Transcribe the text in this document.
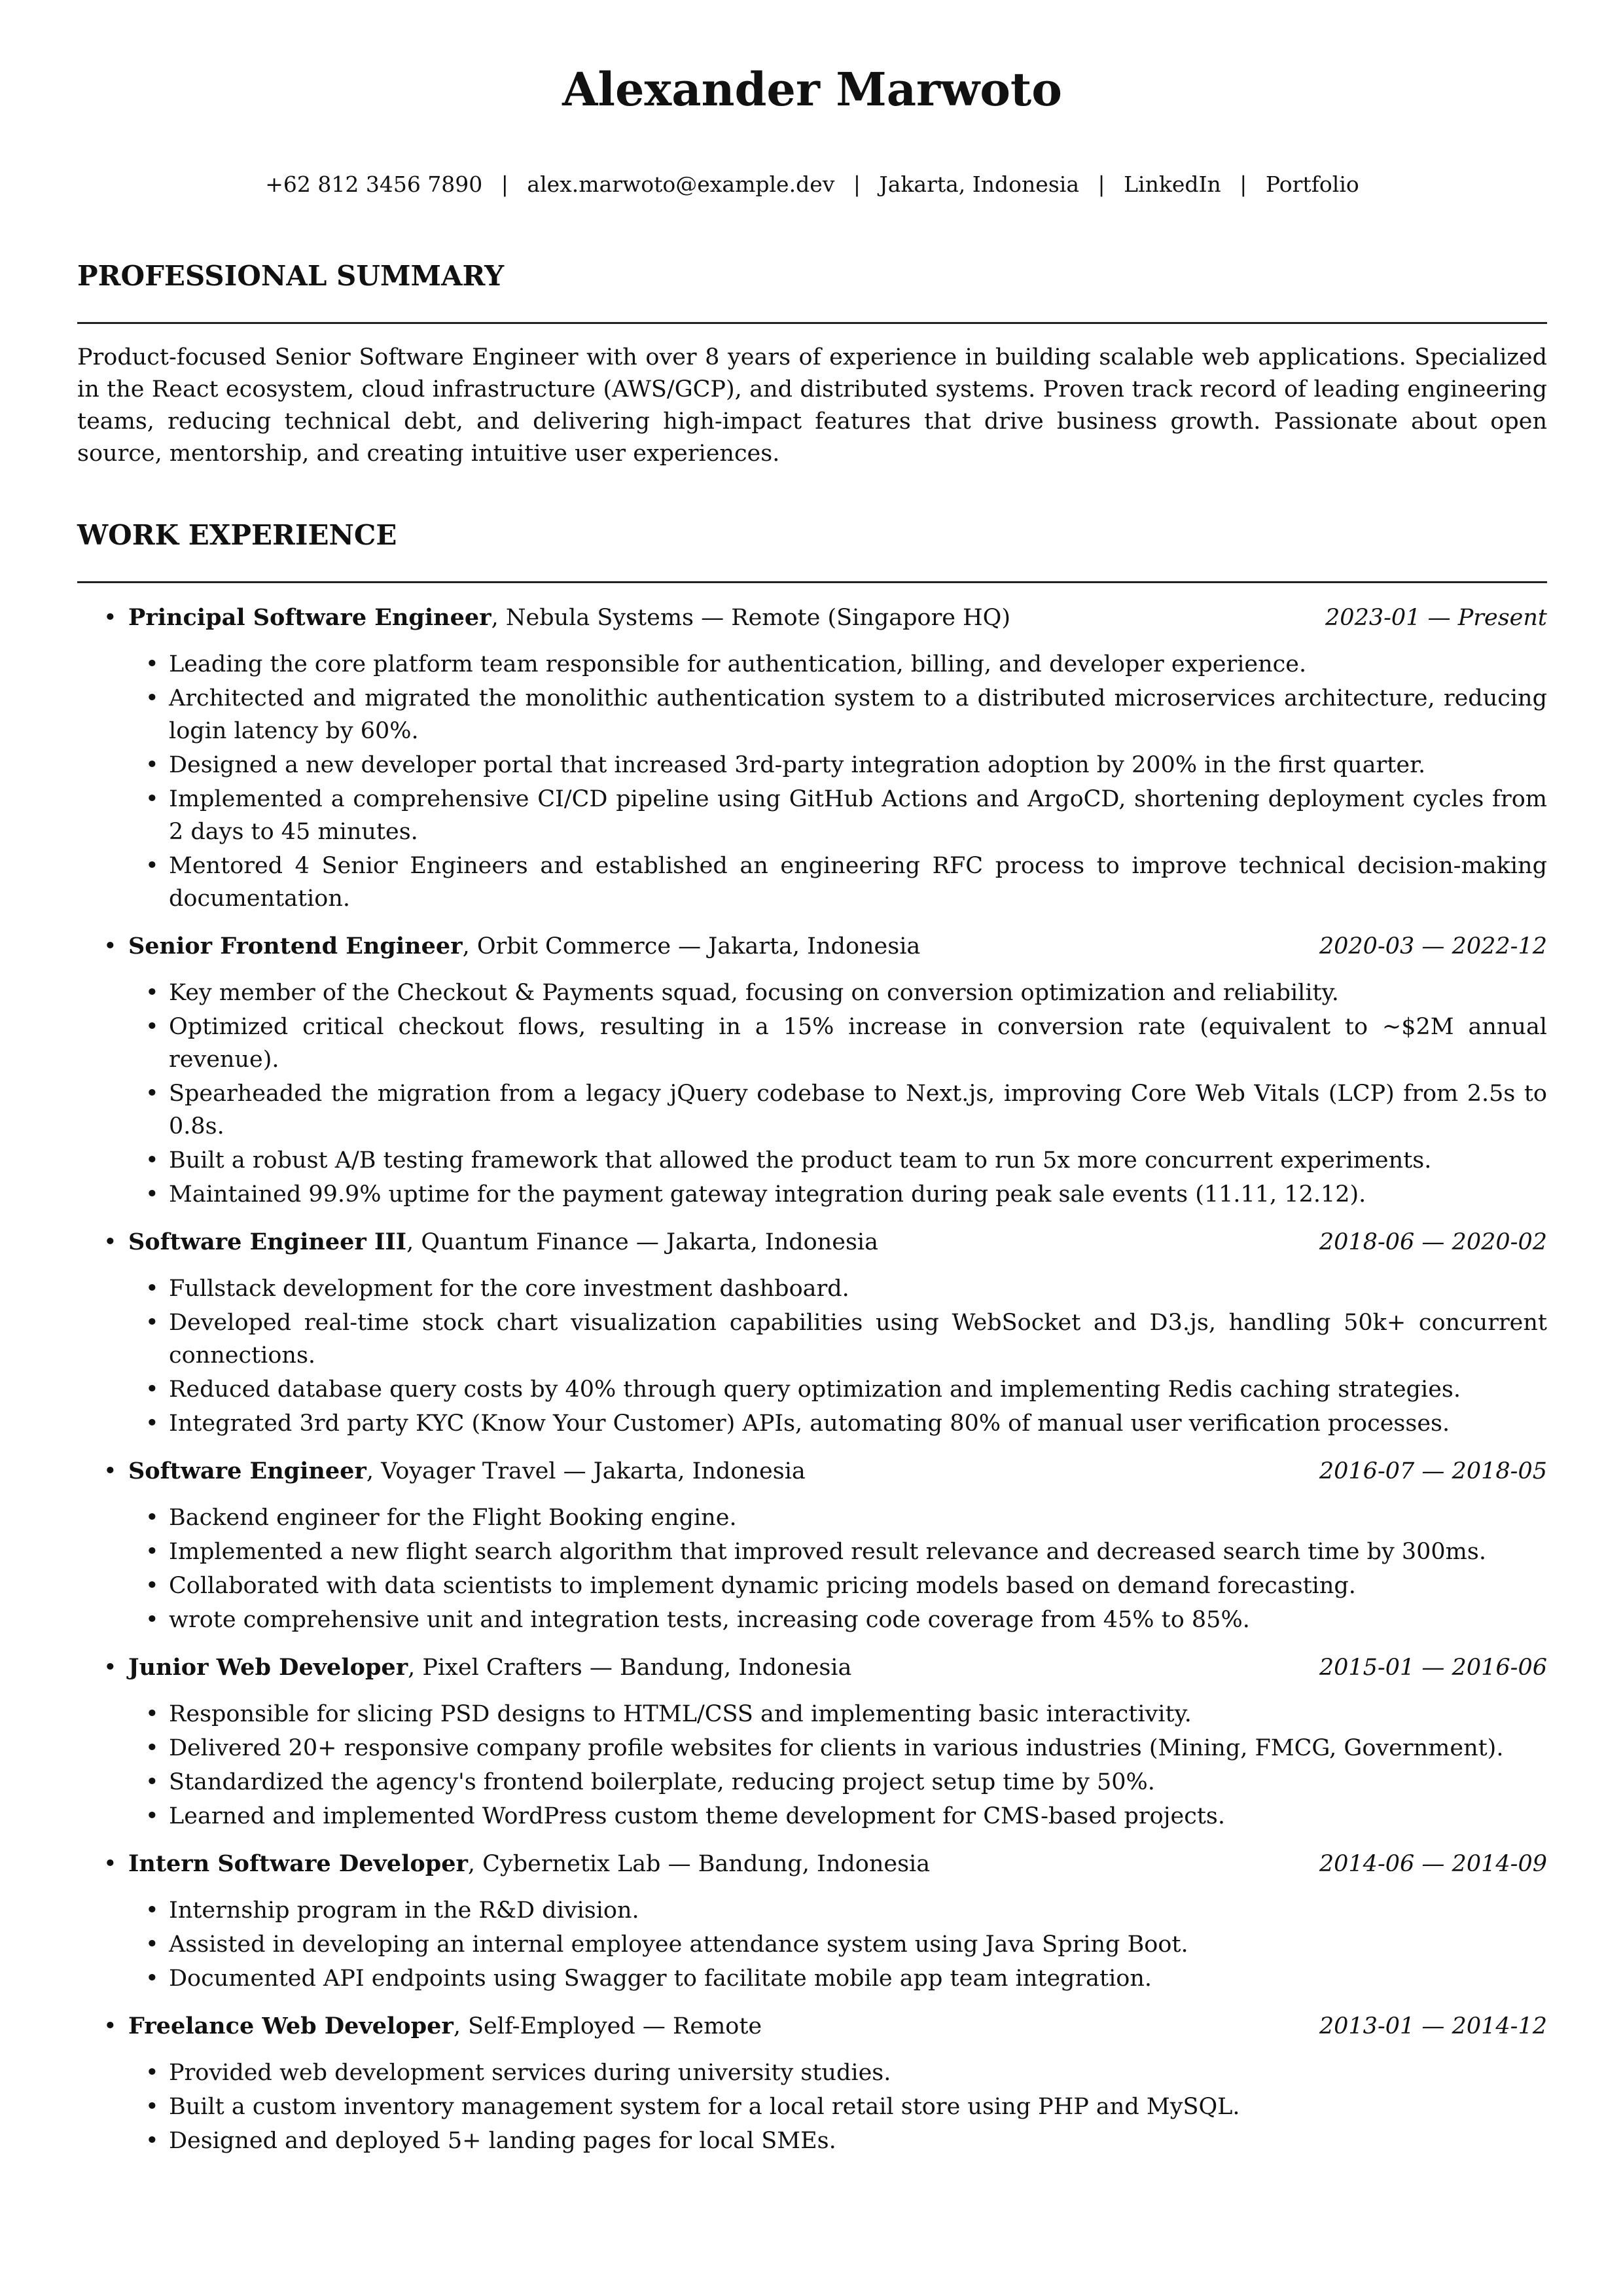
Alexander Marwoto
+62 812 3456 7890 | alex.marwoto@example.dev | Jakarta, Indonesia | LinkedIn | Portfolio
PROFESSIONAL SUMMARY

Product-focused Senior Software Engineer with over 8 years of experience in building scalable web applications. Specialized in the React ecosystem, cloud infrastructure (AWS/GCP), and distributed systems. Proven track record of leading engineering teams, reducing technical debt, and delivering high-impact features that drive business growth. Passionate about open source, mentorship, and creating intuitive user experiences.

WORK EXPERIENCE
• Principal Software Engineer, Nebula Systems — Remote (Singapore HQ)	2023-01 — Present
• Leading the core platform team responsible for authentication, billing, and developer experience.
• Architected and migrated the monolithic authentication system to a distributed microservices architecture, reducing login latency by 60%.
• Designed a new developer portal that increased 3rd-party integration adoption by 200% in the first quarter.
• Implemented a comprehensive CI/CD pipeline using GitHub Actions and ArgoCD, shortening deployment cycles from 2 days to 45 minutes.
• Mentored 4 Senior Engineers and established an engineering RFC process to improve technical decision-making documentation.
• Senior Frontend Engineer, Orbit Commerce — Jakarta, Indonesia	2020-03 — 2022-12
• Key member of the Checkout & Payments squad, focusing on conversion optimization and reliability.
• Optimized critical checkout flows, resulting in a 15% increase in conversion rate (equivalent to ~$2M annual revenue).
• Spearheaded the migration from a legacy jQuery codebase to Next.js, improving Core Web Vitals (LCP) from 2.5s to 0.8s.
• Built a robust A/B testing framework that allowed the product team to run 5x more concurrent experiments.
• Maintained 99.9% uptime for the payment gateway integration during peak sale events (11.11, 12.12).
• Software Engineer III, Quantum Finance — Jakarta, Indonesia	2018-06 — 2020-02
• Fullstack development for the core investment dashboard.
• Developed real-time stock chart visualization capabilities using WebSocket and D3.js, handling 50k+ concurrent connections.
• Reduced database query costs by 40% through query optimization and implementing Redis caching strategies.
• Integrated 3rd party KYC (Know Your Customer) APIs, automating 80% of manual user verification processes.
• Software Engineer, Voyager Travel — Jakarta, Indonesia	2016-07 — 2018-05
• Backend engineer for the Flight Booking engine.
• Implemented a new flight search algorithm that improved result relevance and decreased search time by 300ms.
• Collaborated with data scientists to implement dynamic pricing models based on demand forecasting.
• wrote comprehensive unit and integration tests, increasing code coverage from 45% to 85%.
• Junior Web Developer, Pixel Crafters — Bandung, Indonesia	2015-01 — 2016-06
• Responsible for slicing PSD designs to HTML/CSS and implementing basic interactivity.
• Delivered 20+ responsive company profile websites for clients in various industries (Mining, FMCG, Government).
• Standardized the agency's frontend boilerplate, reducing project setup time by 50%.
• Learned and implemented WordPress custom theme development for CMS-based projects.
• Intern Software Developer, Cybernetix Lab — Bandung, Indonesia	2014-06 — 2014-09
• Internship program in the R&D division.
• Assisted in developing an internal employee attendance system using Java Spring Boot.
• Documented API endpoints using Swagger to facilitate mobile app team integration.
• Freelance Web Developer, Self-Employed — Remote	2013-01 — 2014-12
• Provided web development services during university studies.
• Built a custom inventory management system for a local retail store using PHP and MySQL.
• Designed and deployed 5+ landing pages for local SMEs.
